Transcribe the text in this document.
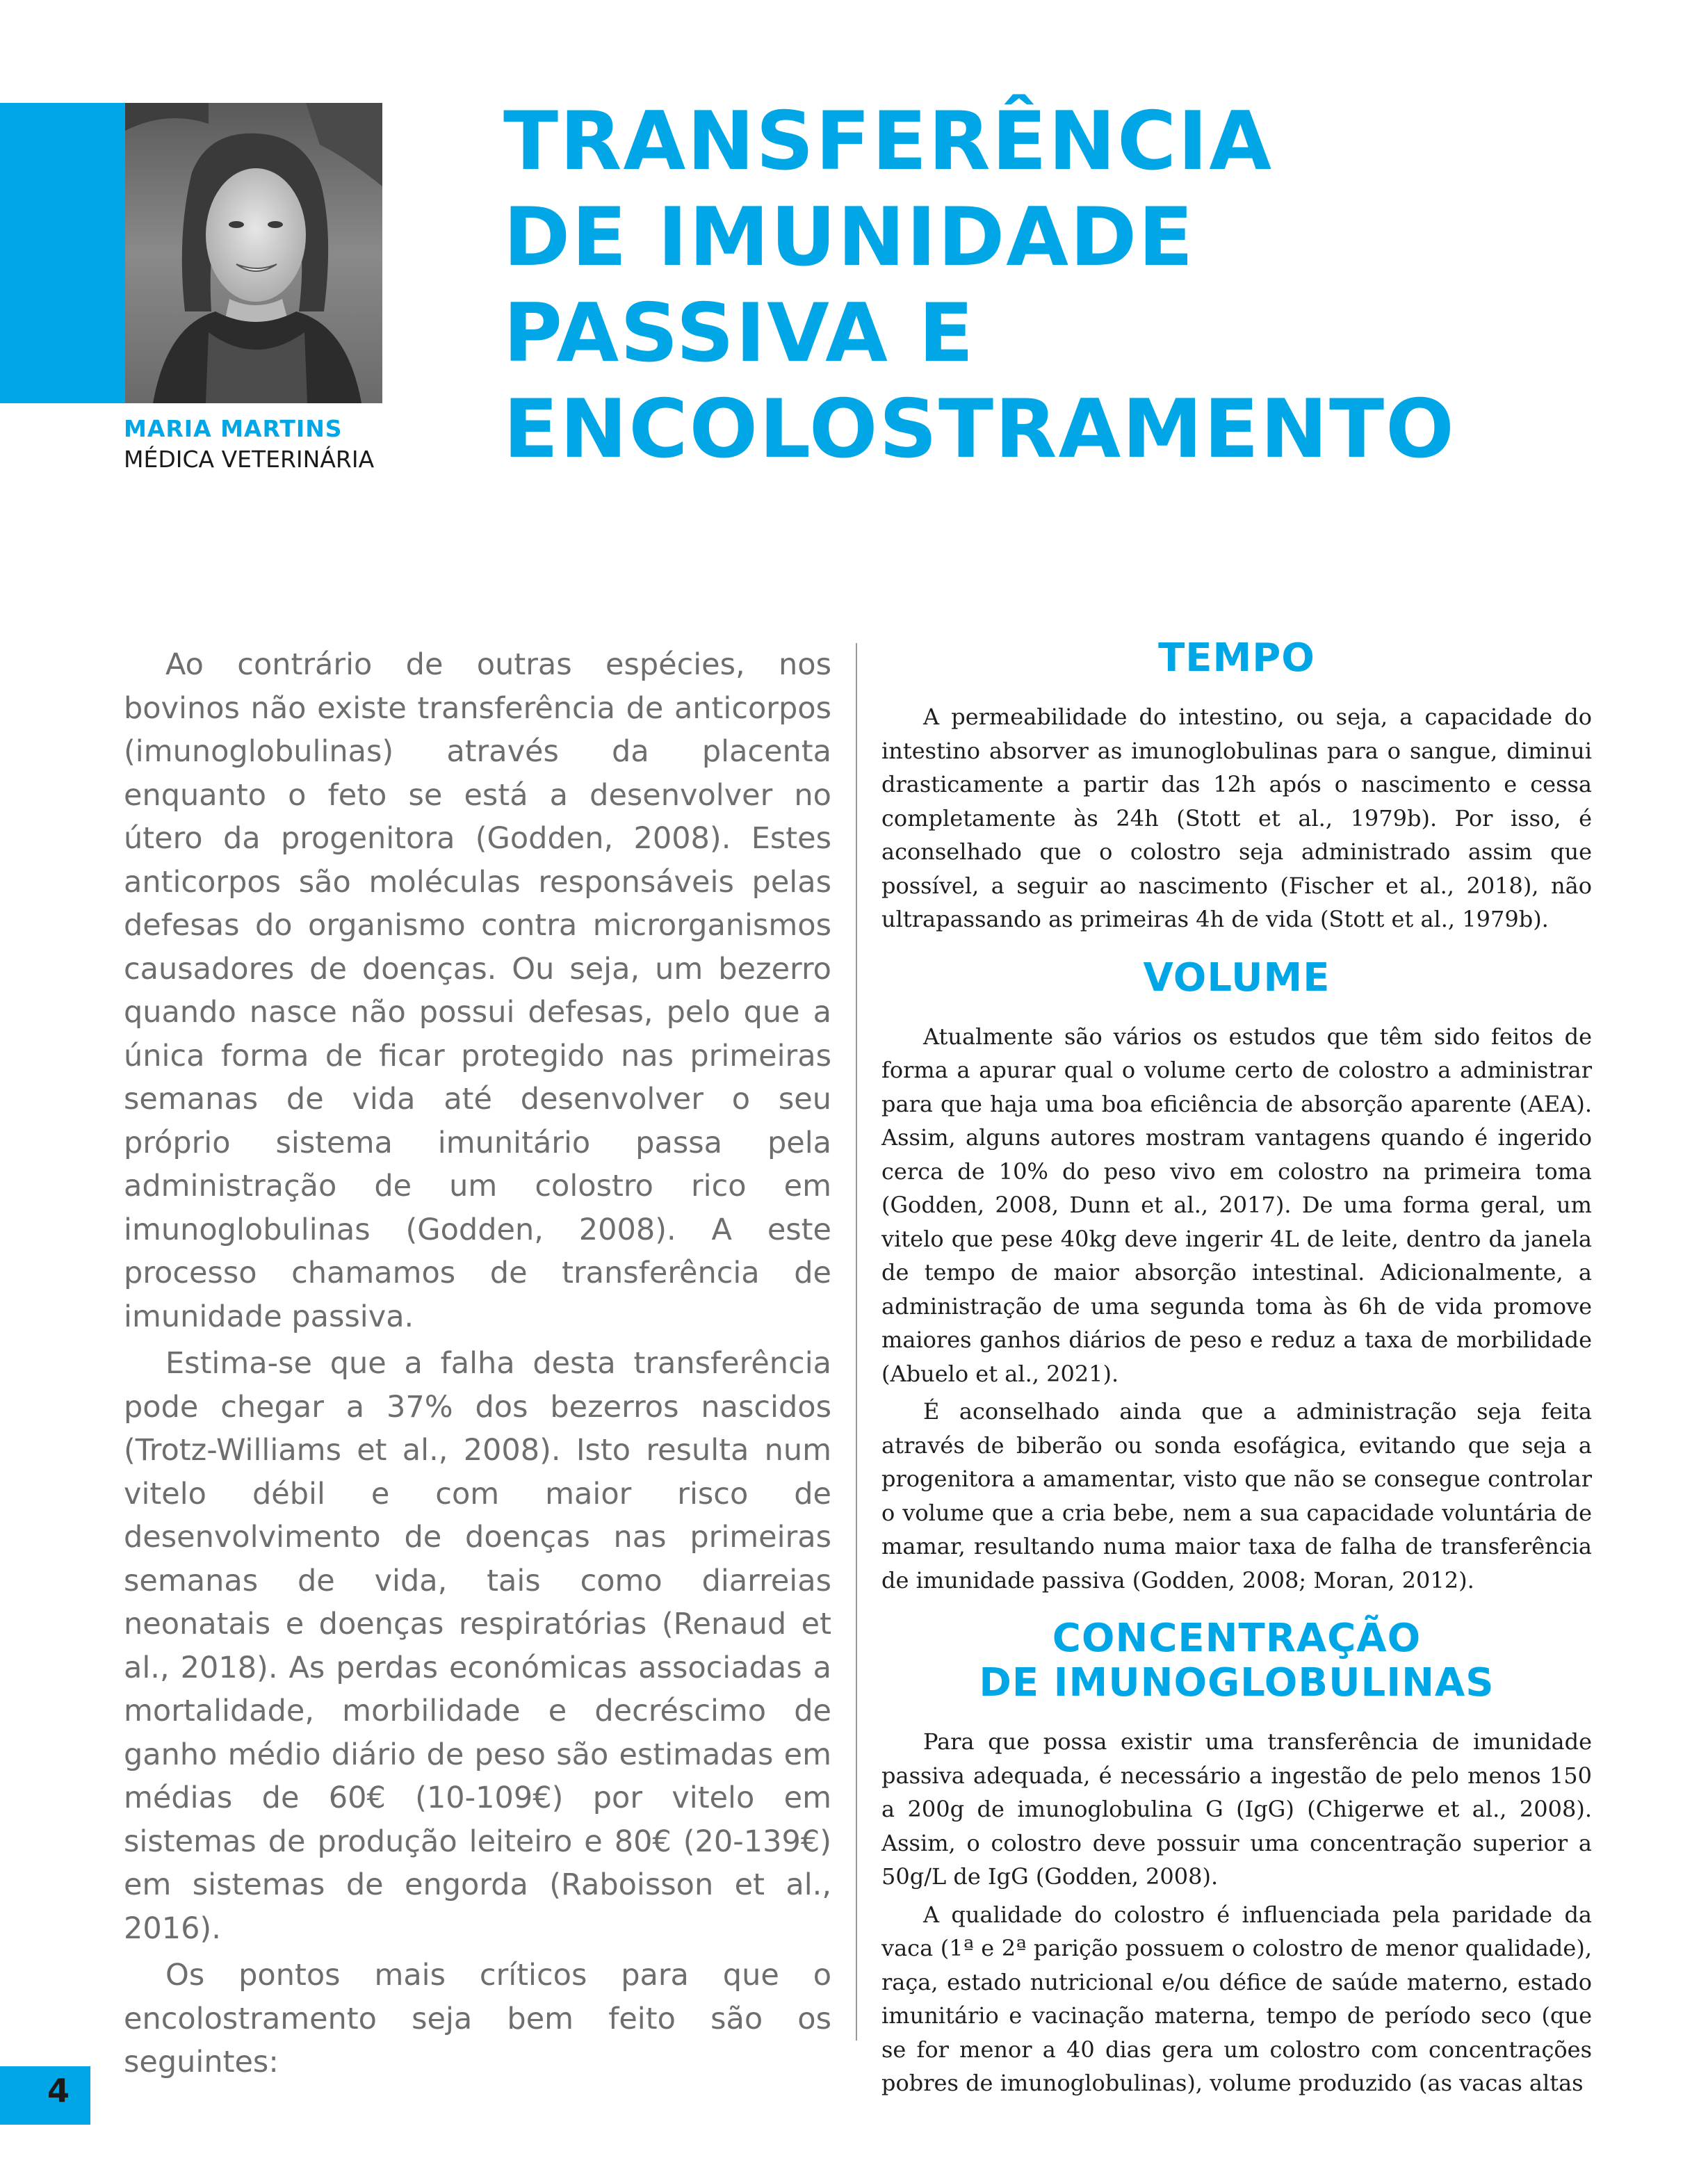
MARIA MARTINS
MÉDICA VETERINÁRIA
TRANSFERÊNCIA
DE IMUNIDADE
PASSIVA E
ENCOLOSTRAMENTO

Ao contrário de outras espécies, nos bovinos não existe transferência de anticorpos (imunoglobulinas) através da placenta enquanto o feto se está a desenvolver no útero da progenitora (Godden, 2008). Estes anticorpos são moléculas responsáveis pelas defesas do organismo contra microrganismos causadores de doenças. Ou seja, um bezerro quando nasce não possui defesas, pelo que a única forma de ficar protegido nas primeiras semanas de vida até desenvolver o seu próprio sistema imunitário passa pela administração de um colostro rico em imunoglobulinas (Godden, 2008). A este processo chamamos de transferência de imunidade passiva.

Estima-se que a falha desta transferência pode chegar a 37% dos bezerros nascidos (Trotz-Williams et al., 2008). Isto resulta num vitelo débil e com maior risco de desenvolvimento de doenças nas primeiras semanas de vida, tais como diarreias neonatais e doenças respiratórias (Renaud et al., 2018). As perdas económicas associadas a mortalidade, morbilidade e decréscimo de ganho médio diário de peso são estimadas em médias de 60€ (10-109€) por vitelo em sistemas de produção leiteiro e 80€ (20-139€) em sistemas de engorda (Raboisson et al., 2016).

Os pontos mais críticos para que o encolostramento seja bem feito são os seguintes:

TEMPO

A permeabilidade do intestino, ou seja, a capacidade do intestino absorver as imunoglobulinas para o sangue, diminui drasticamente a partir das 12h após o nascimento e cessa completamente às 24h (Stott et al., 1979b). Por isso, é aconselhado que o colostro seja administrado assim que possível, a seguir ao nascimento (Fischer et al., 2018), não ultrapassando as primeiras 4h de vida (Stott et al., 1979b).

VOLUME

Atualmente são vários os estudos que têm sido feitos de forma a apurar qual o volume certo de colostro a administrar para que haja uma boa eficiência de absorção aparente (AEA). Assim, alguns autores mostram vantagens quando é ingerido cerca de 10% do peso vivo em colostro na primeira toma (Godden, 2008, Dunn et al., 2017). De uma forma geral, um vitelo que pese 40kg deve ingerir 4L de leite, dentro da janela de tempo de maior absorção intestinal. Adicionalmente, a administração de uma segunda toma às 6h de vida promove maiores ganhos diários de peso e reduz a taxa de morbilidade (Abuelo et al., 2021).

É aconselhado ainda que a administração seja feita através de biberão ou sonda esofágica, evitando que seja a progenitora a amamentar, visto que não se consegue controlar o volume que a cria bebe, nem a sua capacidade voluntária de mamar, resultando numa maior taxa de falha de transferência de imunidade passiva (Godden, 2008; Moran, 2012).

CONCENTRAÇÃO
DE IMUNOGLOBULINAS

Para que possa existir uma transferência de imunidade passiva adequada, é necessário a ingestão de pelo menos 150 a 200g de imunoglobulina G (IgG) (Chigerwe et al., 2008). Assim, o colostro deve possuir uma concentração superior a 50g/L de IgG (Godden, 2008).

A qualidade do colostro é influenciada pela paridade da vaca (1ª e 2ª parição possuem o colostro de menor qualidade), raça, estado nutricional e/ou défice de saúde materno, estado imunitário e vacinação materna, tempo de período seco (que se for menor a 40 dias gera um colostro com concentrações pobres de imunoglobulinas), volume produzido (as vacas altas

4
